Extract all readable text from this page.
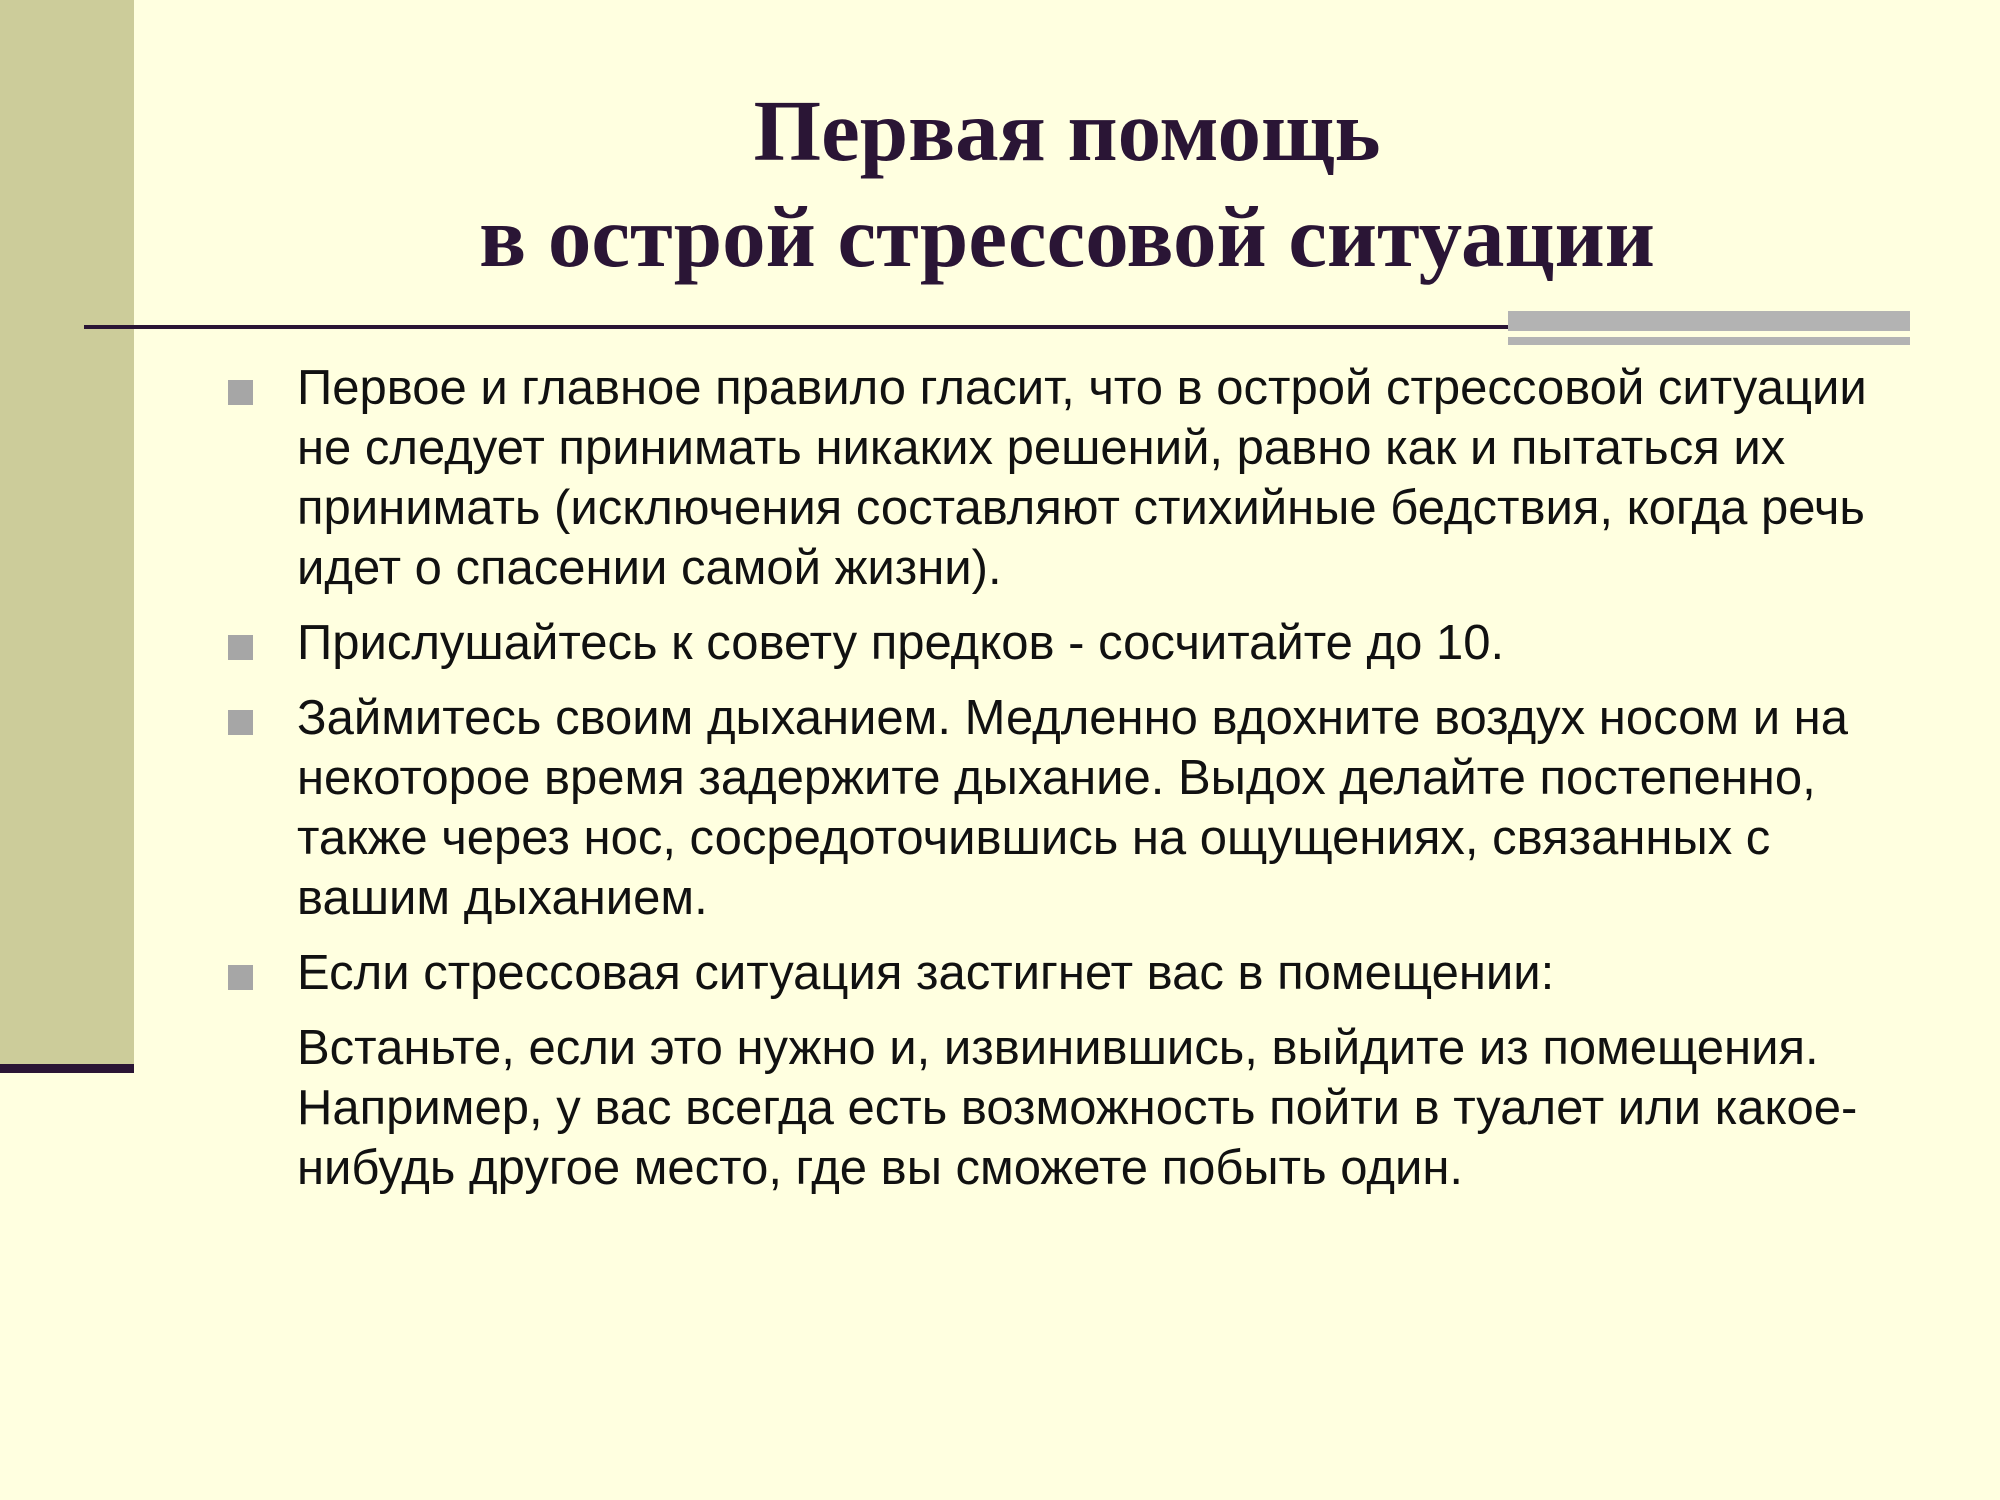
Первая помощь
в острой стрессовой ситуации
Первое и главное правило гласит, что в острой стрессовой ситуации не следует принимать никаких решений, равно как и пытаться их принимать (исключения составляют стихийные бедствия, когда речь идет о спасении самой жизни).
Прислушайтесь к совету предков - сосчитайте до 10.
Займитесь своим дыханием. Медленно вдохните воздух носом и на некоторое время задержите дыхание. Выдох делайте постепенно, также через нос, сосредоточившись на ощущениях, связанных с вашим дыханием.
Если стрессовая ситуация застигнет вас в помещении:

Встаньте, если это нужно и, извинившись, выйдите из помещения. Например, у вас всегда есть возможность пойти в туалет или какое-нибудь другое место, где вы сможете побыть один.
